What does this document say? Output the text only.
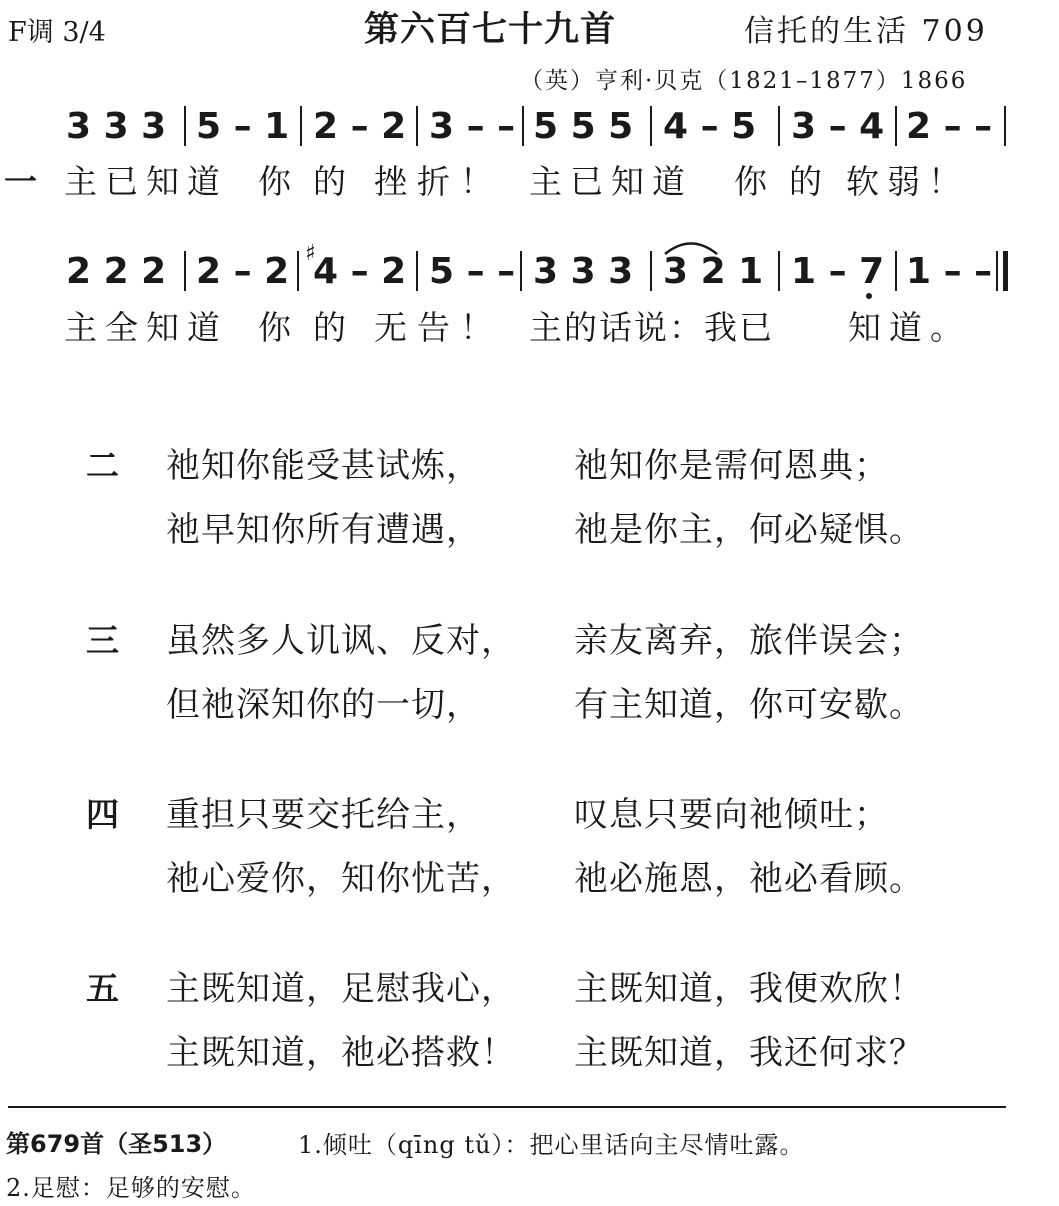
F调 3/4	第六百七十九首	信托的生活 709
（英）亨利·贝克（1821–1877）1866
3 3 3 5 – 1 2 – 2 3 – – 5 5 5 4 – 5 3 – 4 2 – –
一 主已知道 你的 挫折！ 主已知道 你的 软弱！
2 2 2 2 – 2 ♯
4 – 2 5 – – 3 3 3 3 2 1 1 – 7 1 – –
主全知道 你的 无告！ 主的话说：我已 知道。
二 祂知你能受甚试炼，	祂知你是需何恩典；
祂早知你所有遭遇，	祂是你主，何必疑惧。
三 虽然多人讥讽、反对， 亲友离弃，旅伴误会；
但祂深知你的一切，	有主知道，你可安歇。
四 重担只要交托给主，	叹息只要向祂倾吐；
祂心爱你，知你忧苦， 祂必施恩，祂必看顾。
五 主既知道，足慰我心， 主既知道，我便欢欣！
主既知道，祂必搭救！ 主既知道，我还何求？
第679首（圣513）	1.倾吐（qīng tǔ）：把心里话向主尽情吐露。
2.足慰：足够的安慰。
